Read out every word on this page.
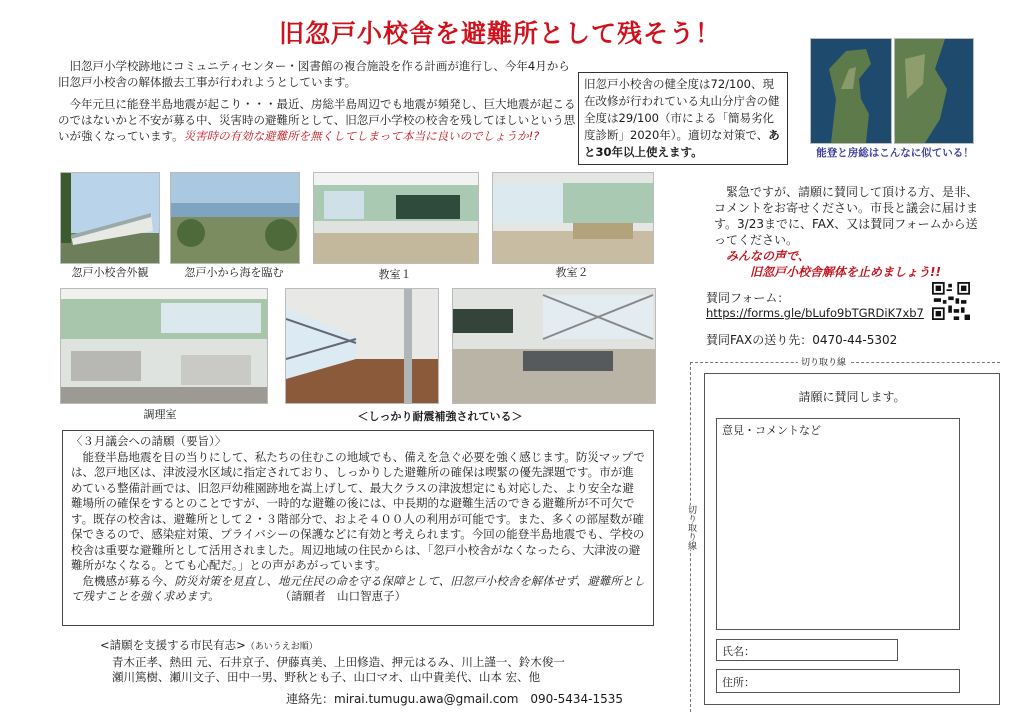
旧忽戸小校舎を避難所として残そう！

　旧忽戸小学校跡地にコミュニティセンター・図書館の複合施設を作る計画が進行し、今年4月から旧忽戸小校舎の解体撤去工事が行われようとしています。

　今年元旦に能登半島地震が起こり・・・最近、房総半島周辺でも地震が頻発し、巨大地震が起こるのではないかと不安が募る中、災害時の避難所として、旧忽戸小学校の校舎を残してほしいという思いが強くなっています。災害時の有効な避難所を無くしてしまって本当に良いのでしょうか!?

旧忽戸小校舎の健全度は72/100、現在改修が行われている丸山分庁舎の健全度は29/100（市による「簡易劣化度診断」2020年）。適切な対策で、あと30年以上使えます。	能登と房総はこんなに似ている！
忽戸小校舎外観	忽戸小から海を臨む	教室１	教室２
調理室	＜しっかり耐震補強されている＞
　緊急ですが、請願に賛同して頂ける方、是非、コメントをお寄せください。市長と議会に届けます。3/23までに、FAX、又は賛同フォームから送ってください。
みんなの声で、
旧忽戸小校舎解体を止めましょう!!
賛同フォーム：
https://forms.gle/bLufo9bTGRDiK7xb7
賛同FAXの送り先：0470-44-5302
切り取り線
切り取り線
請願に賛同します。
意見・コメントなど
氏名：
住所：
〈３月議会への請願（要旨）〉
　能登半島地震を目の当りにして、私たちの住むこの地域でも、備えを急ぐ必要を強く感じます。防災マップでは、忽戸地区は、津波浸水区域に指定されており、しっかりした避難所の確保は喫緊の優先課題です。市が進めている整備計画では、旧忽戸幼稚園跡地を嵩上げして、最大クラスの津波想定にも対応した、より安全な避難場所の確保をするとのことですが、一時的な避難の後には、中長期的な避難生活のできる避難所が不可欠です。既存の校舎は、避難所として２・３階部分で、およそ４００人の利用が可能です。また、多くの部屋数が確保できるので、感染症対策、プライバシーの保護などに有効と考えられます。今回の能登半島地震でも、学校の校舎は重要な避難所として活用されました。周辺地域の住民からは、「忽戸小校舎がなくなったら、大津波の避難所がなくなる。とても心配だ。」との声があがっています。
　危機感が募る今、防災対策を見直し、地元住民の命を守る保障として、旧忽戸小校舎を解体せず、避難所として残すことを強く求めます。	（請願者　山口智恵子）
<請願を支援する市民有志>（あいうえお順）
青木正孝、熱田 元、石井京子、伊藤真美、上田修造、押元はるみ、川上謹一、鈴木俊一
瀬川篤樹、瀬川文子、田中一男、野秋とも子、山口マオ、山中貴美代、山本 宏、他
連絡先：mirai.tumugu.awa@gmail.com　090-5434-1535
